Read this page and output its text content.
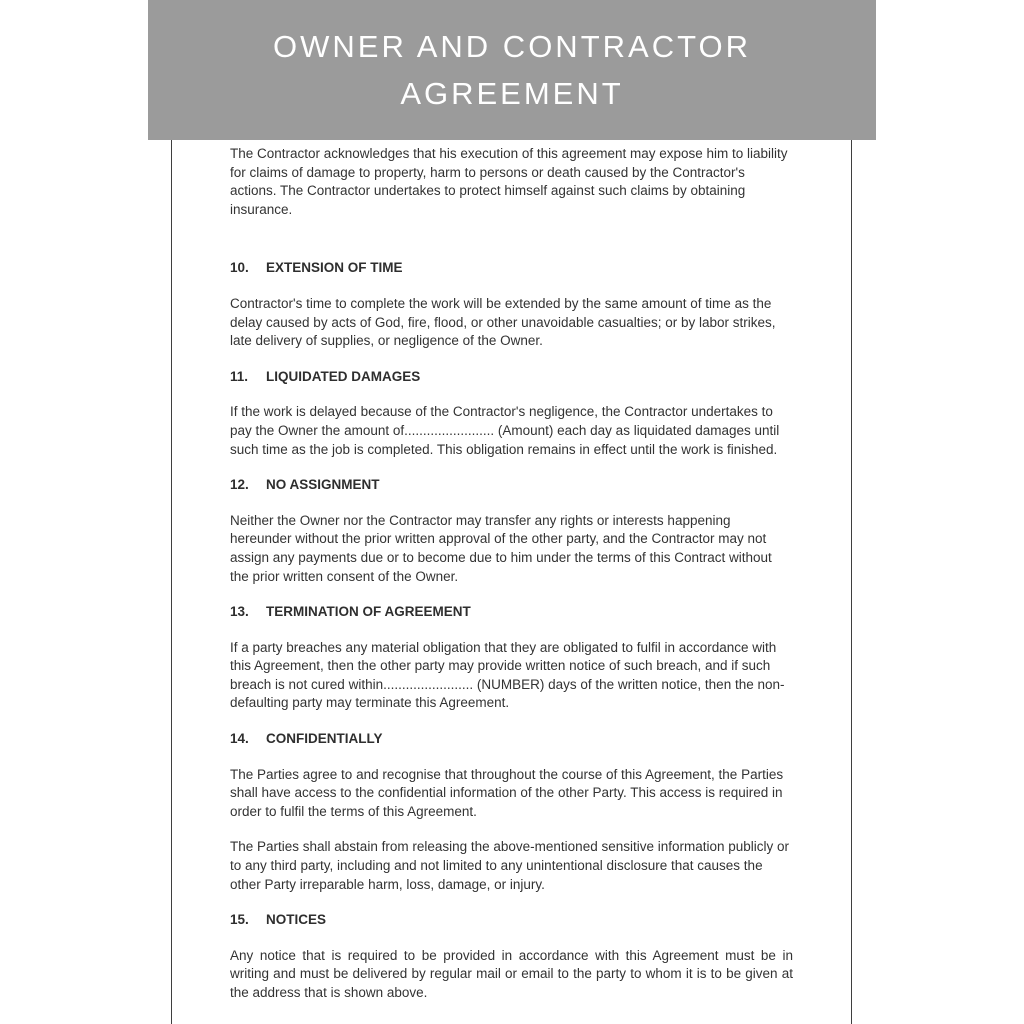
OWNER AND CONTRACTOR AGREEMENT

The Contractor acknowledges that his execution of this agreement may expose him to liability for claims of damage to property, harm to persons or death caused by the Contractor's actions. The Contractor undertakes to protect himself against such claims by obtaining insurance.

10.	EXTENSION OF TIME

Contractor's time to complete the work will be extended by the same amount of time as the delay caused by acts of God, fire, flood, or other unavoidable casualties; or by labor strikes, late delivery of supplies, or negligence of the Owner.

11.	LIQUIDATED DAMAGES

If the work is delayed because of the Contractor's negligence, the Contractor undertakes to pay the Owner the amount of........................ (Amount) each day as liquidated damages until such time as the job is completed. This obligation remains in effect until the work is finished.

12.	NO ASSIGNMENT

Neither the Owner nor the Contractor may transfer any rights or interests happening hereunder without the prior written approval of the other party, and the Contractor may not assign any payments due or to become due to him under the terms of this Contract without the prior written consent of the Owner.

13.	TERMINATION OF AGREEMENT

If a party breaches any material obligation that they are obligated to fulfil in accordance with this Agreement, then the other party may provide written notice of such breach, and if such breach is not cured within........................ (NUMBER) days of the written notice, then the non-defaulting party may terminate this Agreement.

14.	CONFIDENTIALLY

The Parties agree to and recognise that throughout the course of this Agreement, the Parties shall have access to the confidential information of the other Party. This access is required in order to fulfil the terms of this Agreement.

The Parties shall abstain from releasing the above-mentioned sensitive information publicly or to any third party, including and not limited to any unintentional disclosure that causes the other Party irreparable harm, loss, damage, or injury.

15.	NOTICES

Any notice that is required to be provided in accordance with this Agreement must be in writing and must be delivered by regular mail or email to the party to whom it is to be given at the address that is shown above.
